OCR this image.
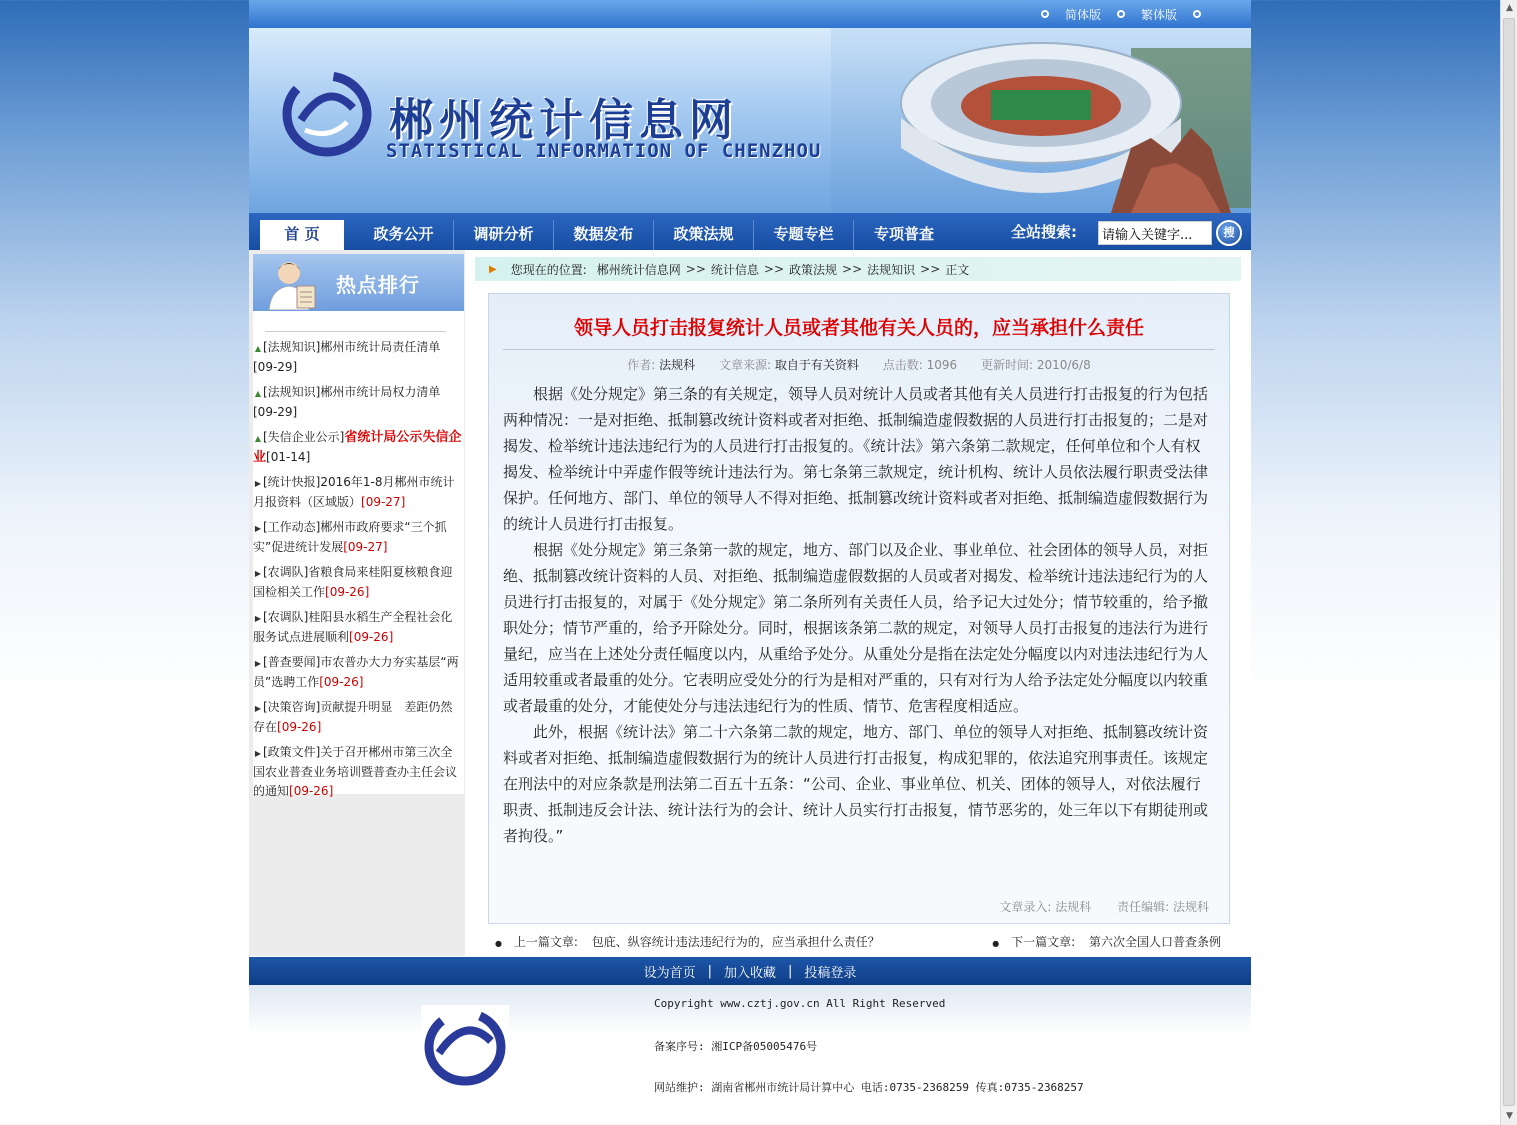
▲
▼
简体版	繁体版
郴州统计信息网
STATISTICAL INFORMATION OF CHENZHOU
首 页	政务公开	调研分析	数据发布	政策法规	专题专栏	专项普查	全站搜索:
请输入关键字...	搜
热点排行
▲ [法规知识]郴州市统计局责任清单[09-29]
▲ [法规知识]郴州市统计局权力清单[09-29]
▲ [失信企业公示]省统计局公示失信企业[01-14]
▶ [统计快报]2016年1-8月郴州市统计月报资料（区域版）[09-27]
▶ [工作动态]郴州市政府要求“三个抓实”促进统计发展[09-27]
▶ [农调队]省粮食局来桂阳夏核粮食迎国检相关工作[09-26]
▶ [农调队]桂阳县水稻生产全程社会化服务试点进展顺利[09-26]
▶ [普查要闻]市农普办大力夯实基层“两员”选聘工作[09-26]
▶ [决策咨询]贡献提升明显　差距仍然存在[09-26]
▶ [政策文件]关于召开郴州市第三次全国农业普查业务培训暨普查办主任会议的通知[09-26]
▶ 您现在的位置: 郴州统计信息网 >> 统计信息 >> 政策法规 >> 法规知识 >> 正文
领导人员打击报复统计人员或者其他有关人员的，应当承担什么责任
作者: 法规科 文章来源: 取自于有关资料 点击数: 1096 更新时间: 2010/6/8

根据《处分规定》第三条的有关规定，领导人员对统计人员或者其他有关人员进行打击报复的行为包括两种情况：一是对拒绝、抵制篡改统计资料或者对拒绝、抵制编造虚假数据的人员进行打击报复的；二是对揭发、检举统计违法违纪行为的人员进行打击报复的。《统计法》第六条第二款规定，任何单位和个人有权揭发、检举统计中弄虚作假等统计违法行为。第七条第三款规定，统计机构、统计人员依法履行职责受法律保护。任何地方、部门、单位的领导人不得对拒绝、抵制篡改统计资料或者对拒绝、抵制编造虚假数据行为的统计人员进行打击报复。

根据《处分规定》第三条第一款的规定，地方、部门以及企业、事业单位、社会团体的领导人员，对拒绝、抵制篡改统计资料的人员、对拒绝、抵制编造虚假数据的人员或者对揭发、检举统计违法违纪行为的人员进行打击报复的，对属于《处分规定》第二条所列有关责任人员，给予记大过处分；情节较重的，给予撤职处分；情节严重的，给予开除处分。同时，根据该条第二款的规定，对领导人员打击报复的违法行为进行量纪，应当在上述处分责任幅度以内，从重给予处分。从重处分是指在法定处分幅度以内对违法违纪行为人适用较重或者最重的处分。它表明应受处分的行为是相对严重的，只有对行为人给予法定处分幅度以内较重或者最重的处分，才能使处分与违法违纪行为的性质、情节、危害程度相适应。

此外，根据《统计法》第二十六条第二款的规定，地方、部门、单位的领导人对拒绝、抵制篡改统计资料或者对拒绝、抵制编造虚假数据行为的统计人员进行打击报复，构成犯罪的，依法追究刑事责任。该规定在刑法中的对应条款是刑法第二百五十五条：“公司、企业、事业单位、机关、团体的领导人，对依法履行职责、抵制违反会计法、统计法行为的会计、统计人员实行打击报复，情节恶劣的，处三年以下有期徒刑或者拘役。”

文章录入: 法规科 责任编辑: 法规科
● 上一篇文章: 包庇、纵容统计违法违纪行为的，应当承担什么责任？	● 下一篇文章: 第六次全国人口普查条例
设为首页 | 加入收藏 | 投稿登录
Copyright www.cztj.gov.cn All Right Reserved
备案序号: 湘ICP备05005476号
网站维护: 湖南省郴州市统计局计算中心 电话:0735-2368259 传真:0735-2368257
